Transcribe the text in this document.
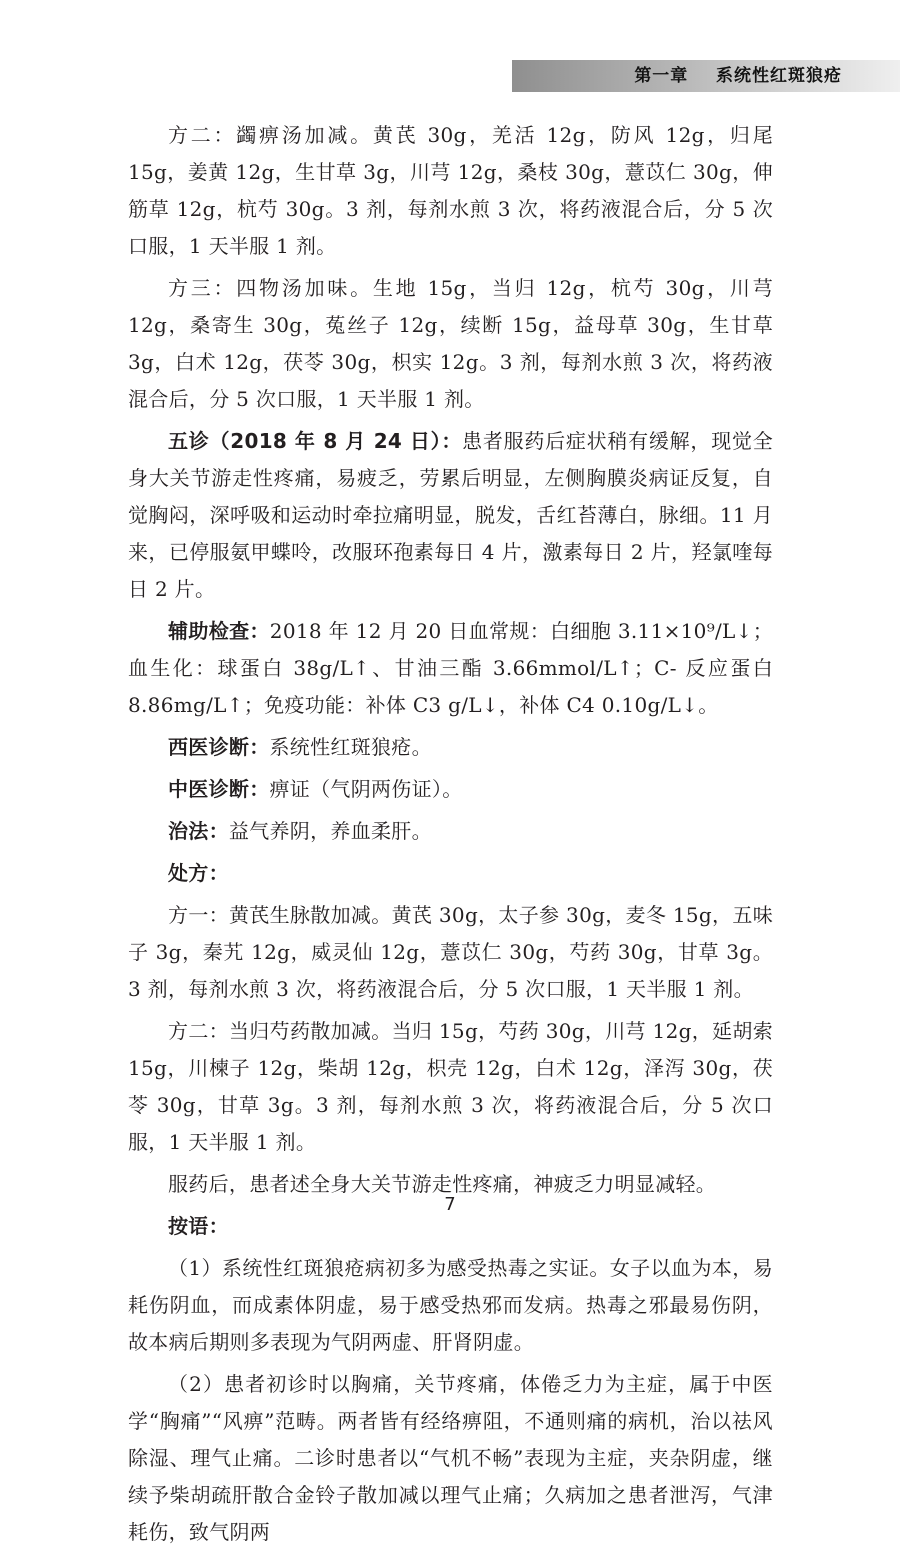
第一章    系统性红斑狼疮

方二：蠲痹汤加减。黄芪 30g，羌活 12g，防风 12g，归尾 15g，姜黄 12g，生甘草 3g，川芎 12g，桑枝 30g，薏苡仁 30g，伸筋草 12g，杭芍 30g。3 剂，每剂水煎 3 次，将药液混合后，分 5 次口服，1 天半服 1 剂。

方三：四物汤加味。生地 15g，当归 12g，杭芍 30g，川芎 12g，桑寄生 30g，菟丝子 12g，续断 15g，益母草 30g，生甘草 3g，白术 12g，茯苓 30g，枳实 12g。3 剂，每剂水煎 3 次，将药液混合后，分 5 次口服，1 天半服 1 剂。

五诊（2018 年 8 月 24 日）：患者服药后症状稍有缓解，现觉全身大关节游走性疼痛，易疲乏，劳累后明显，左侧胸膜炎病证反复，自觉胸闷，深呼吸和运动时牵拉痛明显，脱发，舌红苔薄白，脉细。11 月来，已停服氨甲蝶呤，改服环孢素每日 4 片，激素每日 2 片，羟氯喹每日 2 片。

辅助检查：2018 年 12 月 20 日血常规：白细胞 3.11×10⁹/L↓；血生化：球蛋白 38g/L↑、甘油三酯 3.66mmol/L↑；C- 反应蛋白 8.86mg/L↑；免疫功能：补体 C3 g/L↓，补体 C4 0.10g/L↓。

西医诊断：系统性红斑狼疮。

中医诊断：痹证（气阴两伤证）。

治法：益气养阴，养血柔肝。

处方：

方一：黄芪生脉散加减。黄芪 30g，太子参 30g，麦冬 15g，五味子 3g，秦艽 12g，威灵仙 12g，薏苡仁 30g，芍药 30g，甘草 3g。3 剂，每剂水煎 3 次，将药液混合后，分 5 次口服，1 天半服 1 剂。

方二：当归芍药散加减。当归 15g，芍药 30g，川芎 12g，延胡索 15g，川楝子 12g，柴胡 12g，枳壳 12g，白术 12g，泽泻 30g，茯苓 30g，甘草 3g。3 剂，每剂水煎 3 次，将药液混合后，分 5 次口服，1 天半服 1 剂。

服药后，患者述全身大关节游走性疼痛，神疲乏力明显减轻。

按语：

（1）系统性红斑狼疮病初多为感受热毒之实证。女子以血为本，易耗伤阴血，而成素体阴虚，易于感受热邪而发病。热毒之邪最易伤阴，故本病后期则多表现为气阴两虚、肝肾阴虚。

（2）患者初诊时以胸痛，关节疼痛，体倦乏力为主症，属于中医学“胸痛”“风痹”范畴。两者皆有经络痹阻，不通则痛的病机，治以祛风除湿、理气止痛。二诊时患者以“气机不畅”表现为主症，夹杂阴虚，继续予柴胡疏肝散合金铃子散加减以理气止痛；久病加之患者泄泻，气津耗伤，致气阴两

7
